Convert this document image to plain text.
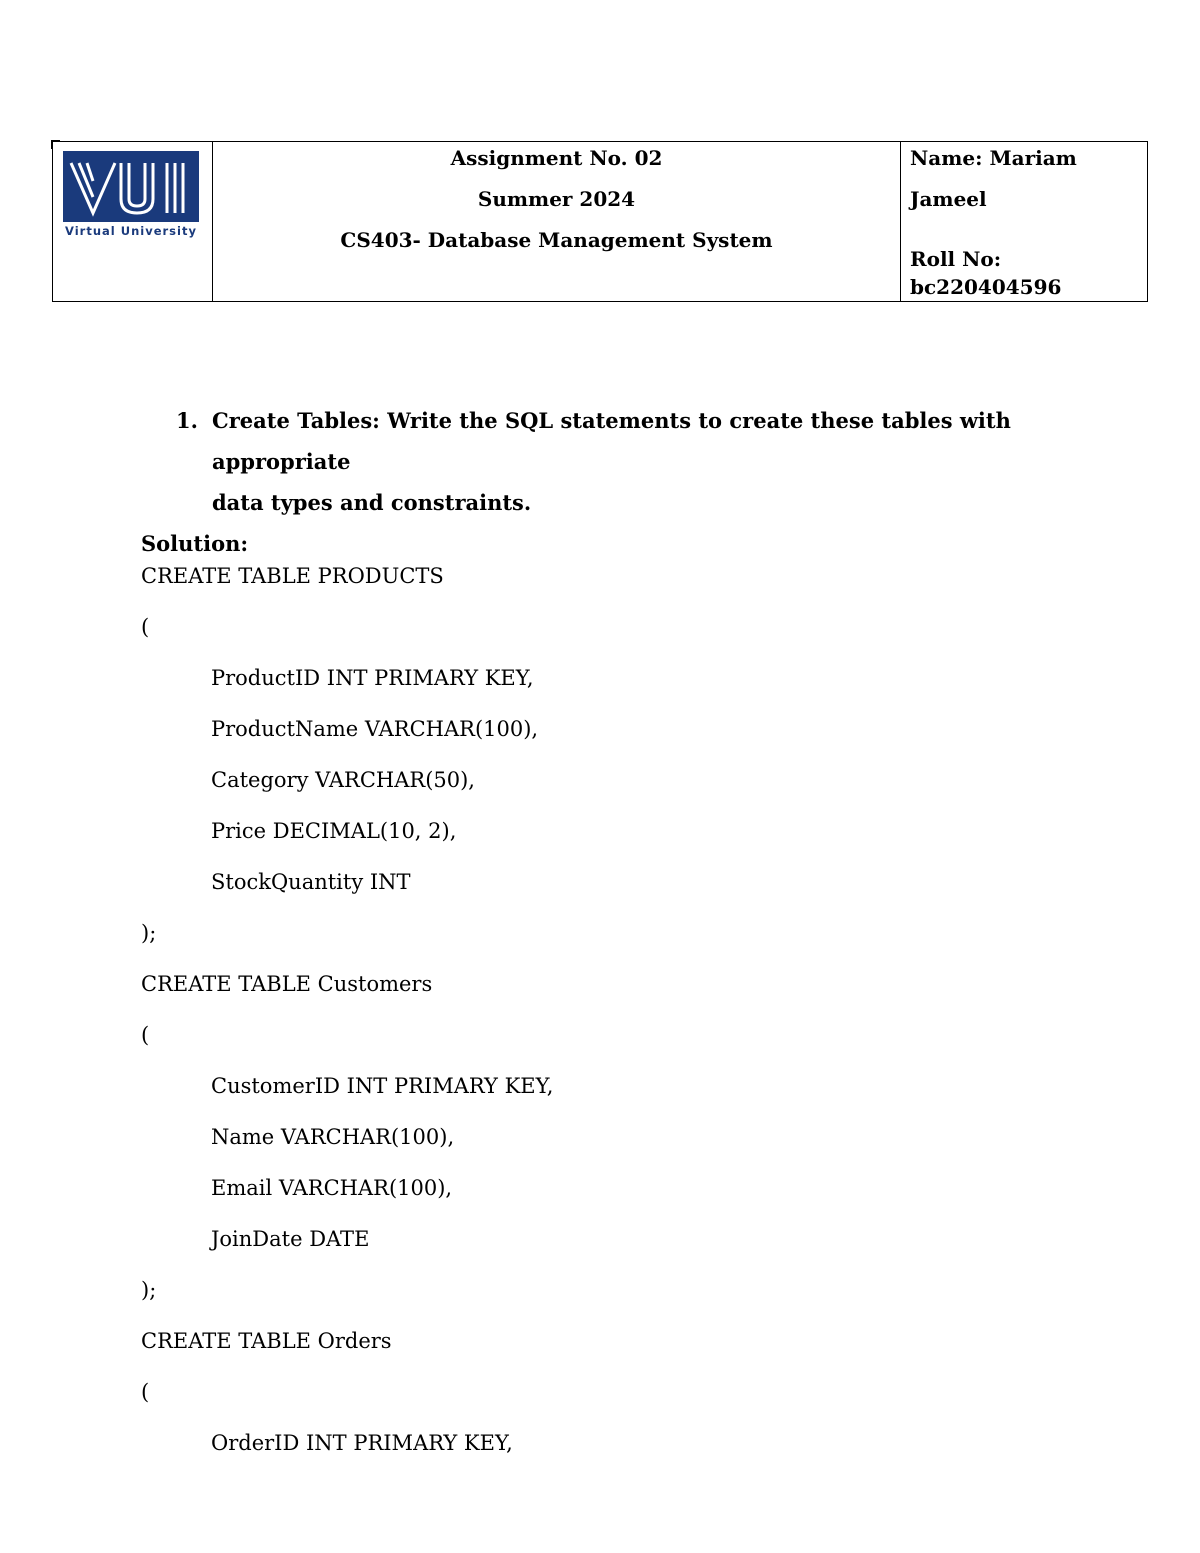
Virtual University
Assignment No. 02
Summer 2024
CS403- Database Management System
Name: Mariam
Jameel
Roll No: bc220404596
1. Create Tables: Write the SQL statements to create these tables with appropriate
data types and constraints.
Solution:
CREATE TABLE PRODUCTS
(
ProductID INT PRIMARY KEY,
ProductName VARCHAR(100),
Category VARCHAR(50),
Price DECIMAL(10, 2),
StockQuantity INT
);
CREATE TABLE Customers
(
CustomerID INT PRIMARY KEY,
Name VARCHAR(100),
Email VARCHAR(100),
JoinDate DATE
);
CREATE TABLE Orders
(
OrderID INT PRIMARY KEY,
